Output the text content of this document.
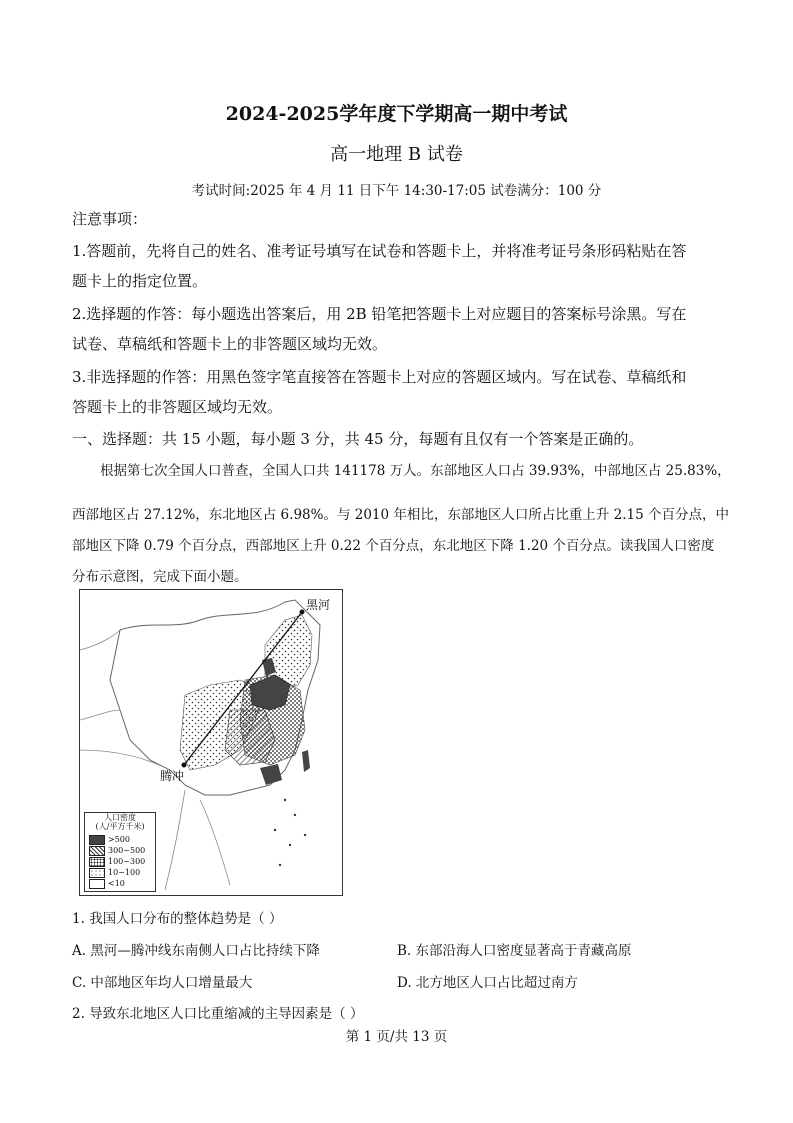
2024-2025学年度下学期高一期中考试
高一地理 B 试卷
考试时间:2025 年 4 月 11 日下午 14:30-17:05 试卷满分：100 分
注意事项：
1.答题前，先将自己的姓名、准考证号填写在试卷和答题卡上，并将准考证号条形码粘贴在答
题卡上的指定位置。
2.选择题的作答：每小题选出答案后，用 2B 铅笔把答题卡上对应题目的答案标号涂黑。写在
试卷、草稿纸和答题卡上的非答题区域均无效。
3.非选择题的作答：用黑色签字笔直接答在答题卡上对应的答题区域内。写在试卷、草稿纸和
答题卡上的非答题区域均无效。
一、选择题：共 15 小题，每小题 3 分，共 45 分，每题有且仅有一个答案是正确的。
根据第七次全国人口普查，全国人口共 141178 万人。东部地区人口占 39.93%，中部地区占 25.83%，
西部地区占 27.12%，东北地区占 6.98%。与 2010 年相比，东部地区人口所占比重上升 2.15 个百分点，中
部地区下降 0.79 个百分点，西部地区上升 0.22 个百分点，东北地区下降 1.20 个百分点。读我国人口密度
分布示意图，完成下面小题。
黑河
腾冲
人口密度
(人/平方千米)
>500
300~500
100~300
10~100
<10
1. 我国人口分布的整体趋势是（ ）
A. 黑河—腾冲线东南侧人口占比持续下降	B. 东部沿海人口密度显著高于青藏高原
C. 中部地区年均人口增量最大	D. 北方地区人口占比超过南方
2. 导致东北地区人口比重缩减的主导因素是（ ）
第 1 页/共 13 页
